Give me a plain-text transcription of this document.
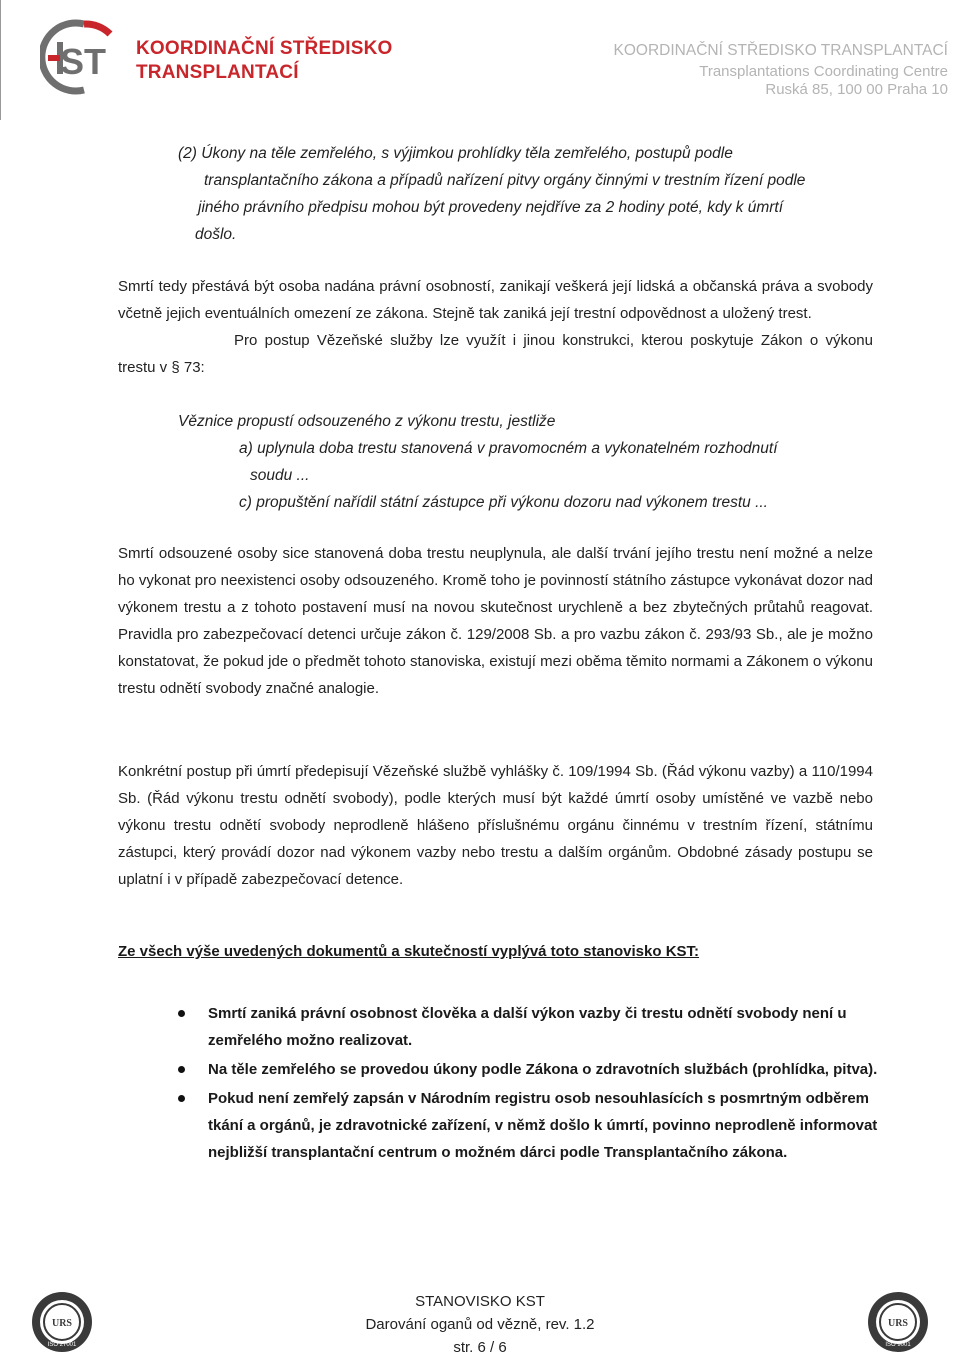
ST KOORDINAČNÍ STŘEDISKO
TRANSPLANTACÍ
KOORDINAČNÍ STŘEDISKO TRANSPLANTACÍ
Transplantations Coordinating Centre
Ruská 85, 100 00 Praha 10
(2) Úkony na těle zemřelého, s výjimkou prohlídky těla zemřelého, postupů podle
transplantačního zákona a případů nařízení pitvy orgány činnými v trestním řízení podle
jiného právního předpisu mohou být provedeny nejdříve za 2 hodiny poté, kdy k úmrtí
došlo.
Smrtí tedy přestává být osoba nadána právní osobností, zanikají veškerá její lidská a občanská práva a svobody včetně jejich eventuálních omezení ze zákona. Stejně tak zaniká její trestní odpovědnost a uložený trest.
Pro postup Vězeňské služby lze využít i jinou konstrukci, kterou poskytuje Zákon o výkonu trestu v § 73:
Věznice propustí odsouzeného z výkonu trestu, jestliže
a) uplynula doba trestu stanovená v pravomocném a vykonatelném rozhodnutí
soudu ...
c) propuštění nařídil státní zástupce při výkonu dozoru nad výkonem trestu ...
Smrtí odsouzené osoby sice stanovená doba trestu neuplynula, ale další trvání jejího trestu není možné a nelze ho vykonat pro neexistenci osoby odsouzeného. Kromě toho je povinností státního zástupce vykonávat dozor nad výkonem trestu a z tohoto postavení musí na novou skutečnost urychleně a bez zbytečných průtahů reagovat. Pravidla pro zabezpečovací detenci určuje zákon č. 129/2008 Sb. a pro vazbu zákon č. 293/93 Sb., ale je možno konstatovat, že pokud jde o předmět tohoto stanoviska, existují mezi oběma těmito normami a Zákonem o výkonu trestu odnětí svobody značné analogie.
Konkrétní postup při úmrtí předepisují Vězeňské službě vyhlášky č. 109/1994 Sb. (Řád výkonu vazby) a 110/1994 Sb. (Řád výkonu trestu odnětí svobody), podle kterých musí být každé úmrtí osoby umístěné ve vazbě nebo výkonu trestu odnětí svobody neprodleně hlášeno příslušnému orgánu činnému v trestním řízení, státnímu zástupci, který provádí dozor nad výkonem vazby nebo trestu a dalším orgánům. Obdobné zásady postupu se uplatní i v případě zabezpečovací detence.
Ze všech výše uvedených dokumentů a skutečností vyplývá toto stanovisko KST:
Smrtí zaniká právní osobnost člověka a další výkon vazby či trestu odnětí svobody není u zemřelého možno realizovat.
Na těle zemřelého se provedou úkony podle Zákona o zdravotních službách (prohlídka, pitva).
Pokud není zemřelý zapsán v Národním registru osob nesouhlasících s posmrtným odběrem tkání a orgánů, je zdravotnické zařízení, v němž došlo k úmrtí, povinno neprodleně informovat nejbližší transplantační centrum o možném dárci podle Transplantačního zákona.
URS
ISO 27001
STANOVISKO KST
Darování oganů od vězně, rev. 1.2
str. 6 / 6
URS
ISO 9001
